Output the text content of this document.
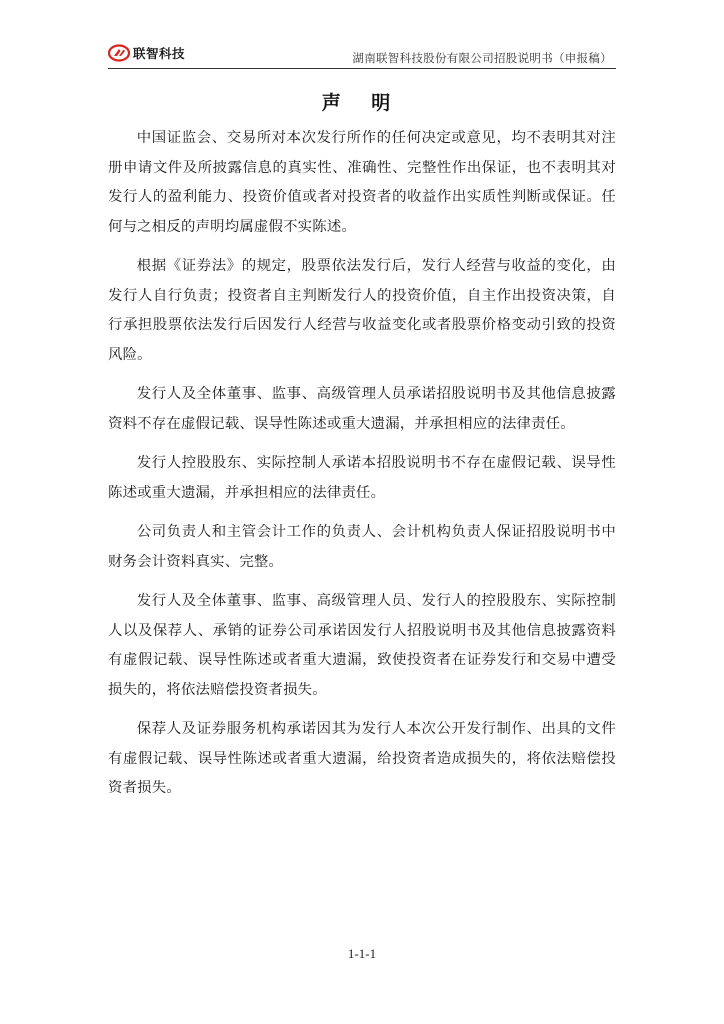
联智科技	湖南联智科技股份有限公司招股说明书（申报稿）
声 明

中国证监会、交易所对本次发行所作的任何决定或意见，均不表明其对注册申请文件及所披露信息的真实性、准确性、完整性作出保证，也不表明其对发行人的盈利能力、投资价值或者对投资者的收益作出实质性判断或保证。任何与之相反的声明均属虚假不实陈述。

根据《证券法》的规定，股票依法发行后，发行人经营与收益的变化，由发行人自行负责；投资者自主判断发行人的投资价值，自主作出投资决策，自行承担股票依法发行后因发行人经营与收益变化或者股票价格变动引致的投资风险。

发行人及全体董事、监事、高级管理人员承诺招股说明书及其他信息披露资料不存在虚假记载、误导性陈述或重大遗漏，并承担相应的法律责任。

发行人控股股东、实际控制人承诺本招股说明书不存在虚假记载、误导性陈述或重大遗漏，并承担相应的法律责任。

公司负责人和主管会计工作的负责人、会计机构负责人保证招股说明书中财务会计资料真实、完整。

发行人及全体董事、监事、高级管理人员、发行人的控股股东、实际控制人以及保荐人、承销的证券公司承诺因发行人招股说明书及其他信息披露资料有虚假记载、误导性陈述或者重大遗漏，致使投资者在证券发行和交易中遭受损失的，将依法赔偿投资者损失。

保荐人及证券服务机构承诺因其为发行人本次公开发行制作、出具的文件有虚假记载、误导性陈述或者重大遗漏，给投资者造成损失的，将依法赔偿投资者损失。

1-1-1
